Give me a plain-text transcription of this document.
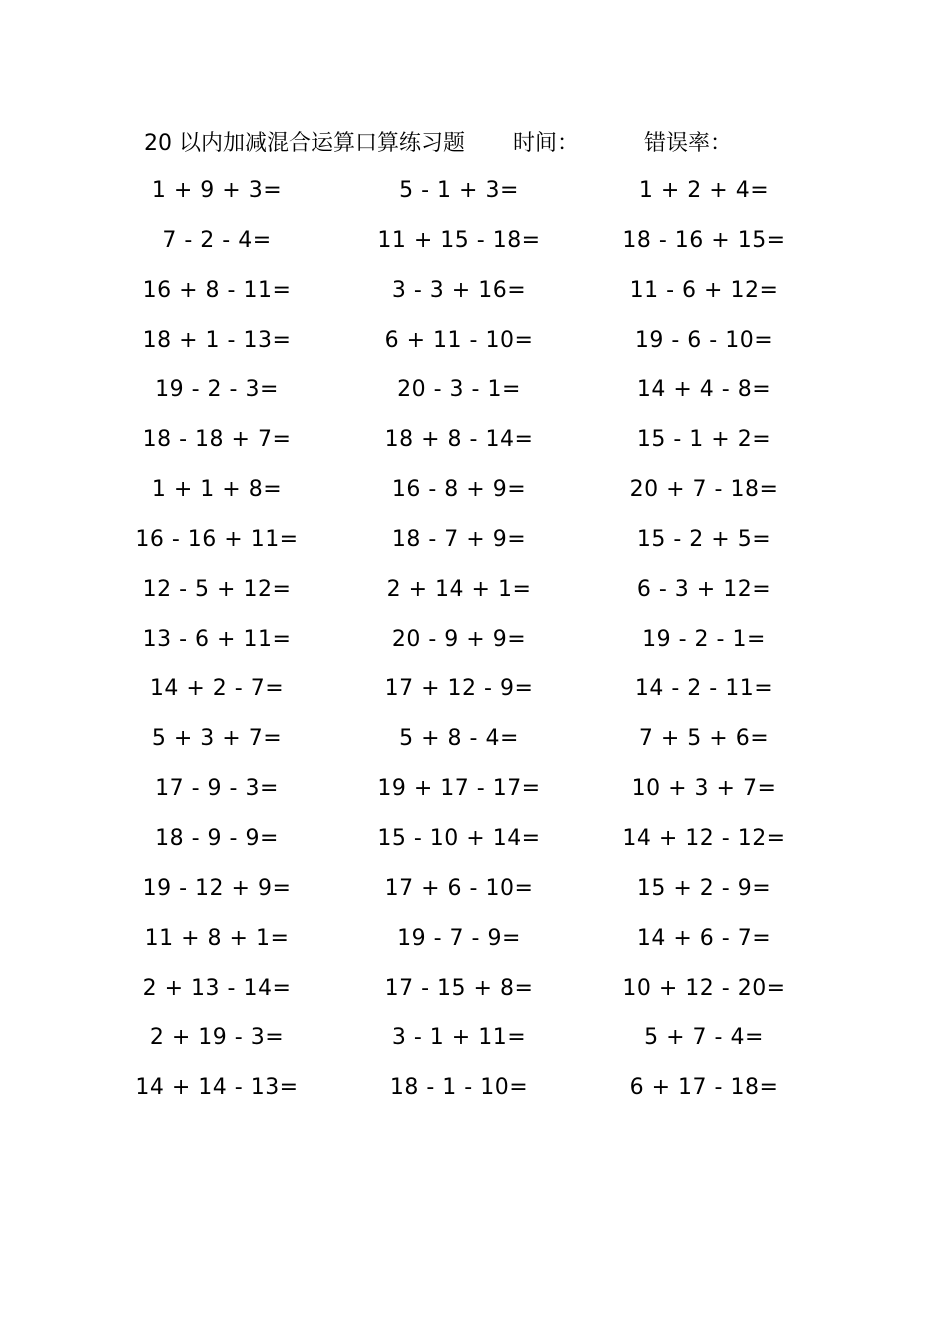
20 以内加减混合运算口算练习题 时间：	错误率：
1 + 9 + 3=	5 - 1 + 3=	1 + 2 + 4=
7 - 2 - 4=	11 + 15 - 18=	18 - 16 + 15=
16 + 8 - 11=	3 - 3 + 16=	11 - 6 + 12=
18 + 1 - 13=	6 + 11 - 10=	19 - 6 - 10=
19 - 2 - 3=	20 - 3 - 1=	14 + 4 - 8=
18 - 18 + 7=	18 + 8 - 14=	15 - 1 + 2=
1 + 1 + 8=	16 - 8 + 9=	20 + 7 - 18=
16 - 16 + 11=	18 - 7 + 9=	15 - 2 + 5=
12 - 5 + 12=	2 + 14 + 1=	6 - 3 + 12=
13 - 6 + 11=	20 - 9 + 9=	19 - 2 - 1=
14 + 2 - 7=	17 + 12 - 9=	14 - 2 - 11=
5 + 3 + 7=	5 + 8 - 4=	7 + 5 + 6=
17 - 9 - 3=	19 + 17 - 17=	10 + 3 + 7=
18 - 9 - 9=	15 - 10 + 14=	14 + 12 - 12=
19 - 12 + 9=	17 + 6 - 10=	15 + 2 - 9=
11 + 8 + 1=	19 - 7 - 9=	14 + 6 - 7=
2 + 13 - 14=	17 - 15 + 8=	10 + 12 - 20=
2 + 19 - 3=	3 - 1 + 11=	5 + 7 - 4=
14 + 14 - 13=	18 - 1 - 10=	6 + 17 - 18=
